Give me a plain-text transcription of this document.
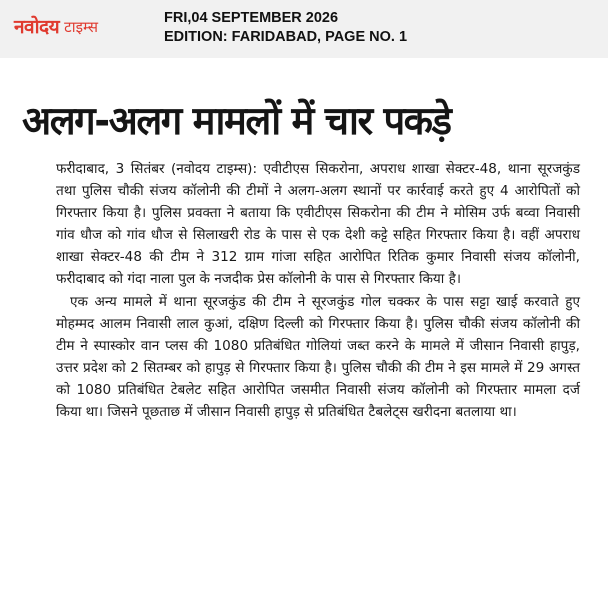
नवोदय टाइम्स	FRI,04 SEPTEMBER 2026
EDITION: FARIDABAD, PAGE NO. 1
अलग-अलग मामलों में चार पकड़े

फरीदाबाद, 3 सितंबर (नवोदय टाइम्स): एवीटीएस सिकरोना, अपराध शाखा सेक्टर-48, थाना सूरजकुंड तथा पुलिस चौकी संजय कॉलोनी की टीमों ने अलग-अलग स्थानों पर कार्रवाई करते हुए 4 आरोपितों को गिरफ्तार किया है। पुलिस प्रवक्ता ने बताया कि एवीटीएस सिकरोना की टीम ने मोसिम उर्फ बव्वा निवासी गांव धौज को गांव धौज से सिलाखरी रोड के पास से एक देशी कट्टे सहित गिरफ्तार किया है। वहीं अपराध शाखा सेक्टर-48 की टीम ने 312 ग्राम गांजा सहित आरोपित रितिक कुमार निवासी संजय कॉलोनी, फरीदाबाद को गंदा नाला पुल के नजदीक प्रेस कॉलोनी के पास से गिरफ्तार किया है।

एक अन्य मामले में थाना सूरजकुंड की टीम ने सूरजकुंड गोल चक्कर के पास सट्टा खाई करवाते हुए मोहम्मद आलम निवासी लाल कुआं, दक्षिण दिल्ली को गिरफ्तार किया है। पुलिस चौकी संजय कॉलोनी की टीम ने स्पास्कोर वान प्लस की 1080 प्रतिबंधित गोलियां जब्त करने के मामले में जीसान निवासी हापुड़, उत्तर प्रदेश को 2 सितम्बर को हापुड़ से गिरफ्तार किया है। पुलिस चौकी की टीम ने इस मामले में 29 अगस्त को 1080 प्रतिबंधित टेबलेट सहित आरोपित जसमीत निवासी संजय कॉलोनी को गिरफ्तार मामला दर्ज किया था। जिसने पूछताछ में जीसान निवासी हापुड़ से प्रतिबंधित टैबलेट्स खरीदना बतलाया था।
